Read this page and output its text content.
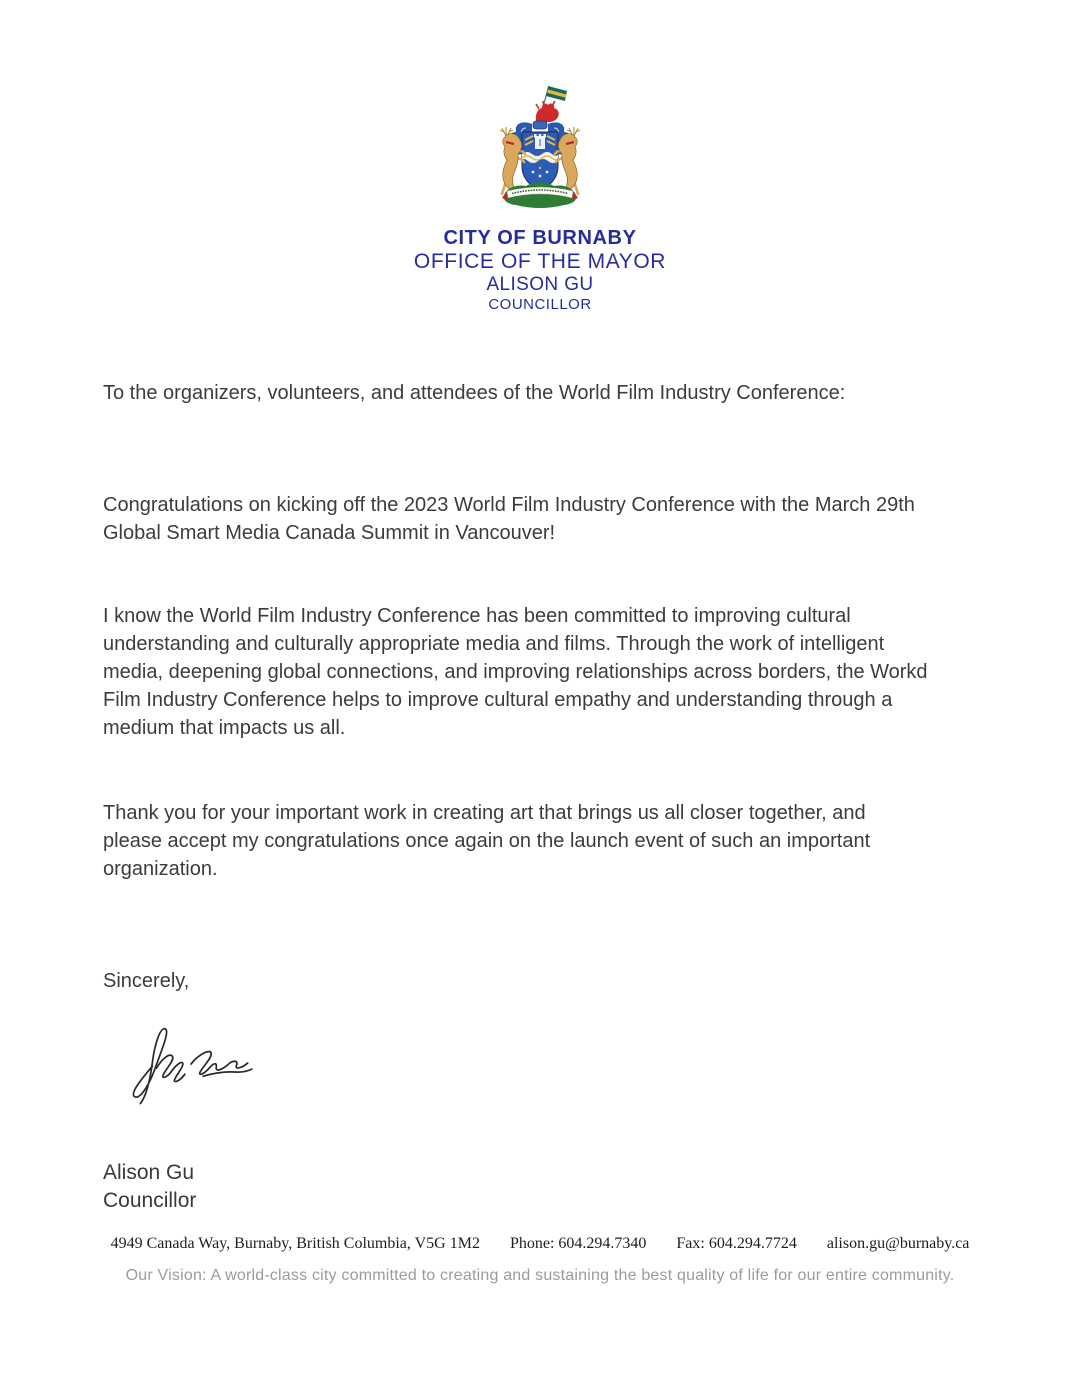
CITY OF BURNABY
OFFICE OF THE MAYOR
ALISON GU
COUNCILLOR
To the organizers, volunteers, and attendees of the World Film Industry Conference:
Congratulations on kicking off the 2023 World Film Industry Conference with the March 29th Global Smart Media Canada Summit in Vancouver!
I know the World Film Industry Conference has been committed to improving cultural understanding and culturally appropriate media and films. Through the work of intelligent media, deepening global connections, and improving relationships across borders, the Workd Film Industry Conference helps to improve cultural empathy and understanding through a medium that impacts us all.
Thank you for your important work in creating art that brings us all closer together, and please accept my congratulations once again on the launch event of such an important organization.
Sincerely,
Alison Gu
Councillor
4949 Canada Way, Burnaby, British Columbia, V5G 1M2 Phone: 604.294.7340 Fax: 604.294.7724 alison.gu@burnaby.ca
Our Vision: A world-class city committed to creating and sustaining the best quality of life for our entire community.
